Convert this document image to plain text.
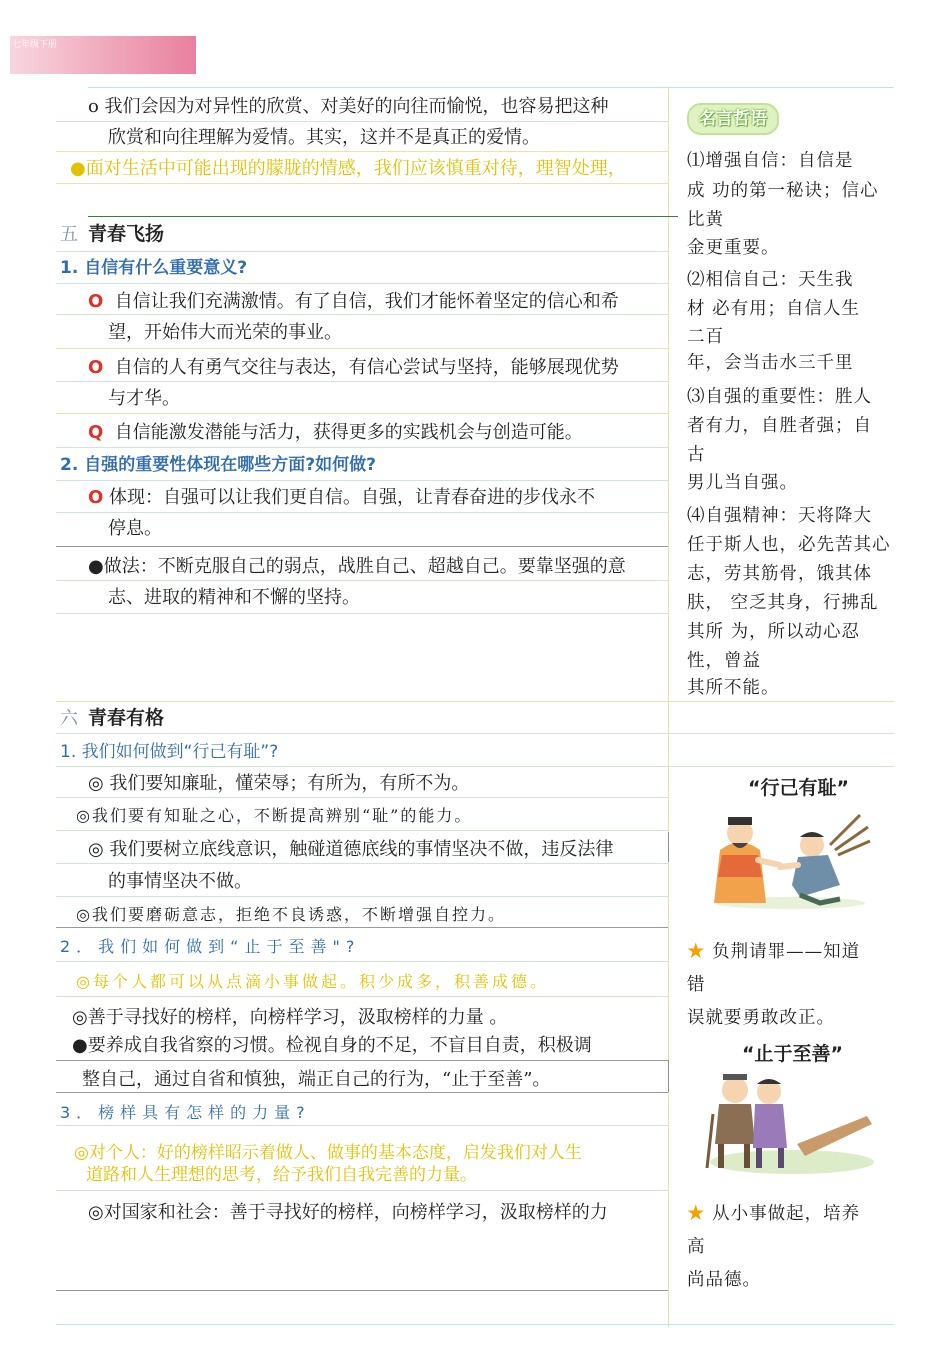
七年级下册
o 我们会因为对异性的欣赏、对美好的向往而愉悦，也容易把这种
欣赏和向往理解为爱情。其实，这并不是真正的爱情。
●面对生活中可能出现的朦胧的情感，我们应该慎重对待，理智处理，
五 青春飞扬
1. 自信有什么重要意义?
O 自信让我们充满激情。有了自信，我们才能怀着坚定的信心和希
望，开始伟大而光荣的事业。
O 自信的人有勇气交往与表达，有信心尝试与坚持，能够展现优势
与才华。
Q 自信能激发潜能与活力，获得更多的实践机会与创造可能。
2. 自强的重要性体现在哪些方面?如何做?
O 体现：自强可以让我们更自信。自强，让青春奋进的步伐永不
停息。
●做法：不断克服自己的弱点，战胜自己、超越自己。要靠坚强的意
志、进取的精神和不懈的坚持。
名言哲语
⑴增强自信：自信是
成 功的第一秘诀；信心
比黄
金更重要。
⑵相信自己：天生我
材 必有用；自信人生
二百
年，会当击水三千里
⑶自强的重要性：胜人
者有力，自胜者强；自
古
男儿当自强。
⑷自强精神：天将降大
任于斯人也，必先苦其心
志，劳其筋骨，饿其体
肤， 空乏其身，行拂乱
其所 为，所以动心忍
性，曾益
其所不能。
六 青春有格
1. 我们如何做到“行己有耻”?
◎ 我们要知廉耻，懂荣辱；有所为，有所不为。
◎我们要有知耻之心，不断提高辨别“耻”的能力。
◎ 我们要树立底线意识，触碰道德底线的事情坚决不做，违反法律
的事情坚决不做。
◎我们要磨砺意志，拒绝不良诱惑，不断增强自控力。
2．我们如何做到“止于至善"?
◎每个人都可以从点滴小事做起。积少成多，积善成德。
◎善于寻找好的榜样，向榜样学习，汲取榜样的力量 。
●要养成自我省察的习惯。检视自身的不足，不盲目自责，积极调
整自己，通过自省和慎独，端正自己的行为，“止于至善”。
3．榜样具有怎样的力量?
◎对个人：好的榜样昭示着做人、做事的基本态度，启发我们对人生
道路和人生理想的思考，给予我们自我完善的力量。
◎对国家和社会：善于寻找好的榜样，向榜样学习，汲取榜样的力
“行己有耻”
★ 负荆请罪——知道
错
误就要勇敢改正。
“止于至善”
★ 从小事做起，培养
高
尚品德。
